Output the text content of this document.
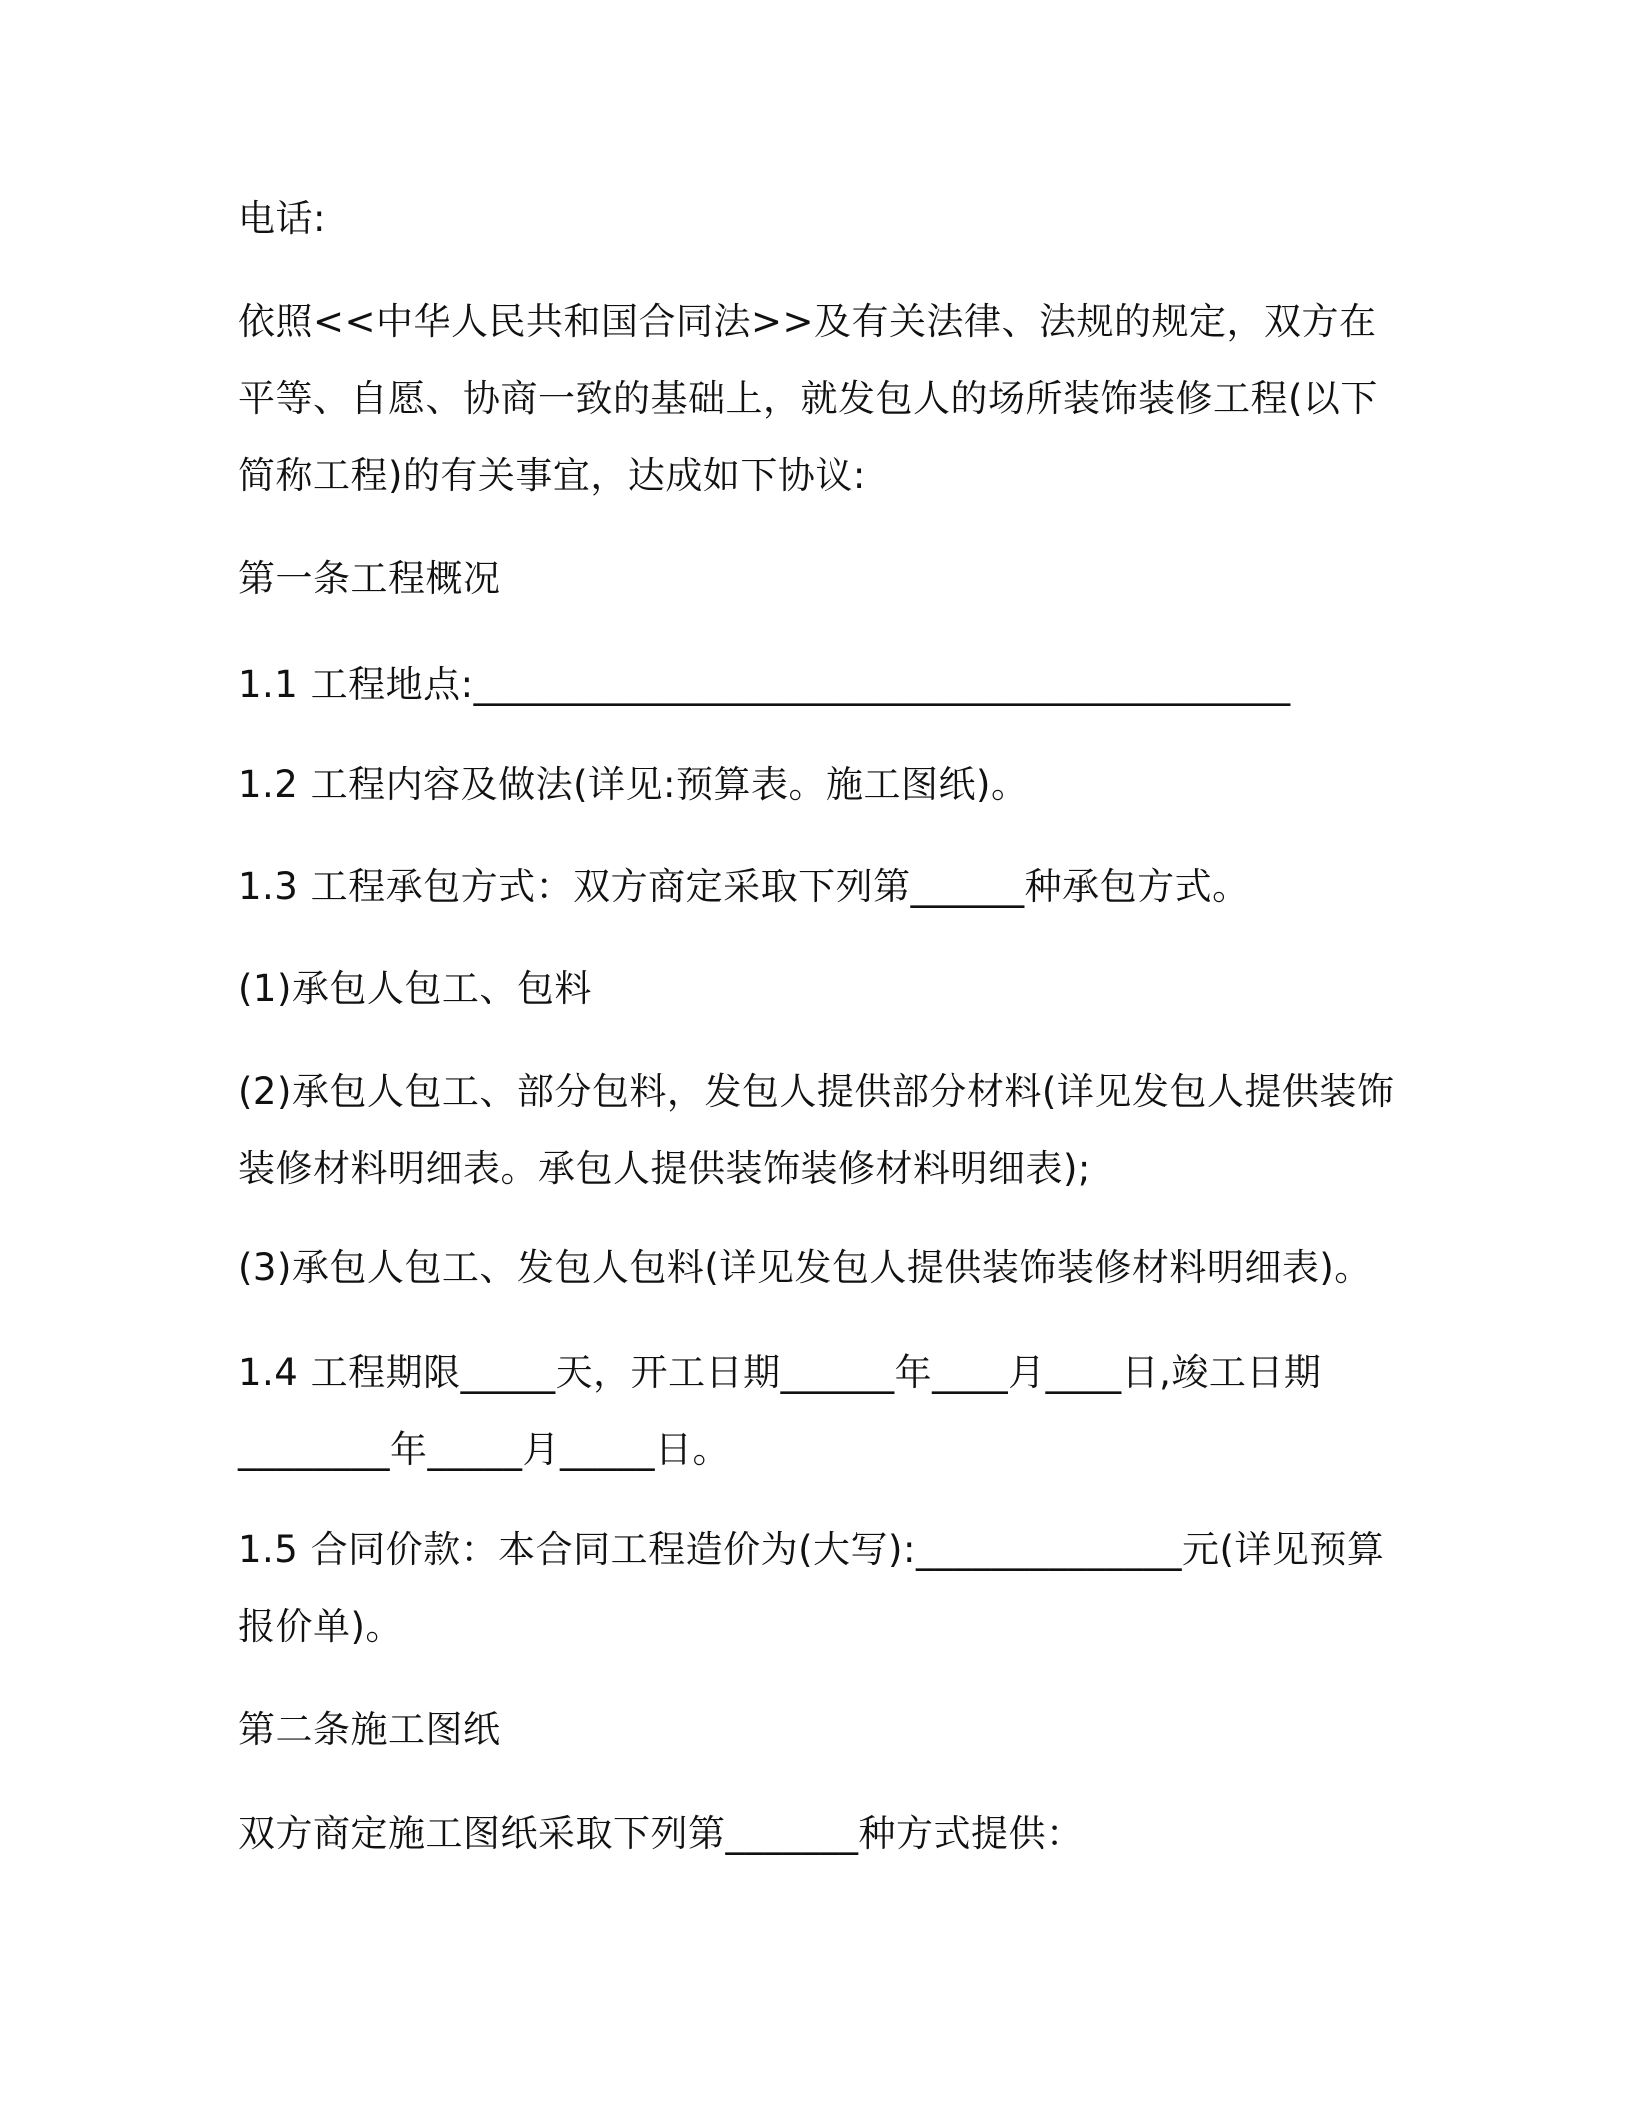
电话:

依照<<中华人民共和国合同法>>及有关法律、法规的规定，双方在平等、自愿、协商一致的基础上，就发包人的场所装饰装修工程(以下简称工程)的有关事宜，达成如下协议:

第一条工程概况

1.1 工程地点:___________________________________________

1.2 工程内容及做法(详见:预算表。施工图纸)。

1.3 工程承包方式：双方商定采取下列第______种承包方式。

(1)承包人包工、包料

(2)承包人包工、部分包料，发包人提供部分材料(详见发包人提供装饰装修材料明细表。承包人提供装饰装修材料明细表);

(3)承包人包工、发包人包料(详见发包人提供装饰装修材料明细表)。

1.4 工程期限_____天，开工日期______年____月____日,竣工日期________年_____月_____日。

1.5 合同价款：本合同工程造价为(大写):______________元(详见预算报价单)。

第二条施工图纸

双方商定施工图纸采取下列第_______种方式提供：
